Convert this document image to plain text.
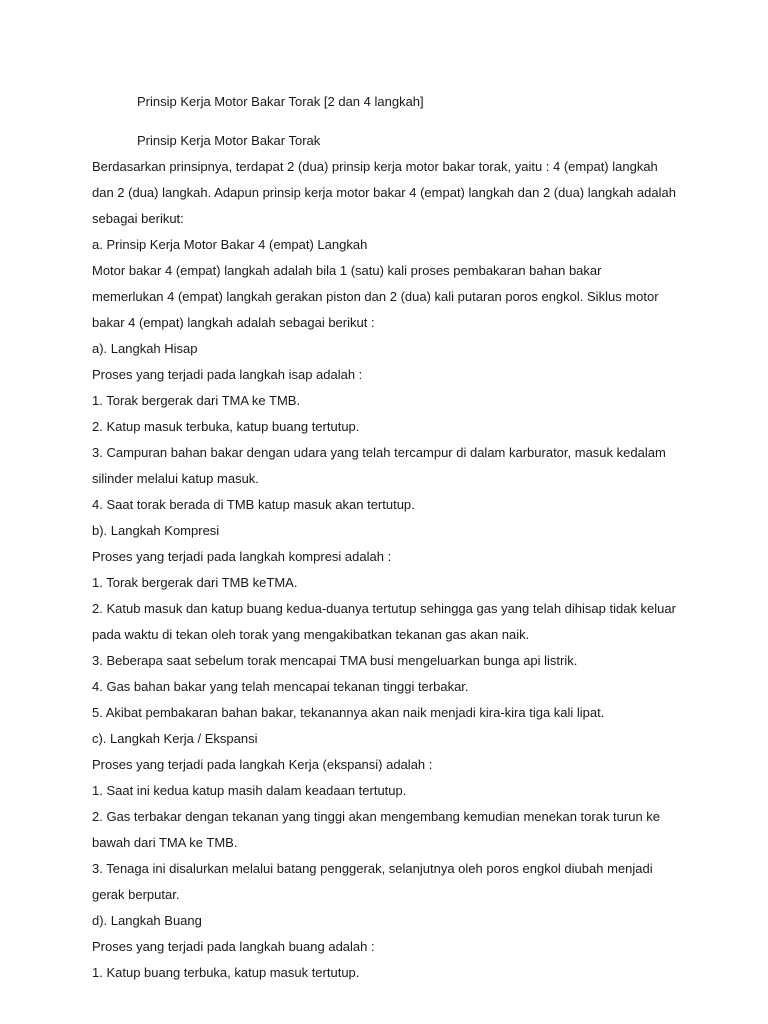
Prinsip Kerja Motor Bakar Torak [2 dan 4 langkah]
Prinsip Kerja Motor Bakar Torak
Berdasarkan prinsipnya, terdapat 2 (dua) prinsip kerja motor bakar torak, yaitu : 4 (empat) langkah
dan 2 (dua) langkah. Adapun prinsip kerja motor bakar 4 (empat) langkah dan 2 (dua) langkah adalah
sebagai berikut:
a. Prinsip Kerja Motor Bakar 4 (empat) Langkah
Motor bakar 4 (empat) langkah adalah bila 1 (satu) kali proses pembakaran bahan bakar
memerlukan 4 (empat) langkah gerakan piston dan 2 (dua) kali putaran poros engkol. Siklus motor
bakar 4 (empat) langkah adalah sebagai berikut :
a). Langkah Hisap
Proses yang terjadi pada langkah isap adalah :
1. Torak bergerak dari TMA ke TMB.
2. Katup masuk terbuka, katup buang tertutup.
3. Campuran bahan bakar dengan udara yang telah tercampur di dalam karburator, masuk kedalam
silinder melalui katup masuk.
4. Saat torak berada di TMB katup masuk akan tertutup.
b). Langkah Kompresi
Proses yang terjadi pada langkah kompresi adalah :
1. Torak bergerak dari TMB keTMA.
2. Katub masuk dan katup buang kedua-duanya tertutup sehingga gas yang telah dihisap tidak keluar
pada waktu di tekan oleh torak yang mengakibatkan tekanan gas akan naik.
3. Beberapa saat sebelum torak mencapai TMA busi mengeluarkan bunga api listrik.
4. Gas bahan bakar yang telah mencapai tekanan tinggi terbakar.
5. Akibat pembakaran bahan bakar, tekanannya akan naik menjadi kira-kira tiga kali lipat.
c). Langkah Kerja / Ekspansi
Proses yang terjadi pada langkah Kerja (ekspansi) adalah :
1. Saat ini kedua katup masih dalam keadaan tertutup.
2. Gas terbakar dengan tekanan yang tinggi akan mengembang kemudian menekan torak turun ke
bawah dari TMA ke TMB.
3. Tenaga ini disalurkan melalui batang penggerak, selanjutnya oleh poros engkol diubah menjadi
gerak berputar.
d). Langkah Buang
Proses yang terjadi pada langkah buang adalah :
1. Katup buang terbuka, katup masuk tertutup.
